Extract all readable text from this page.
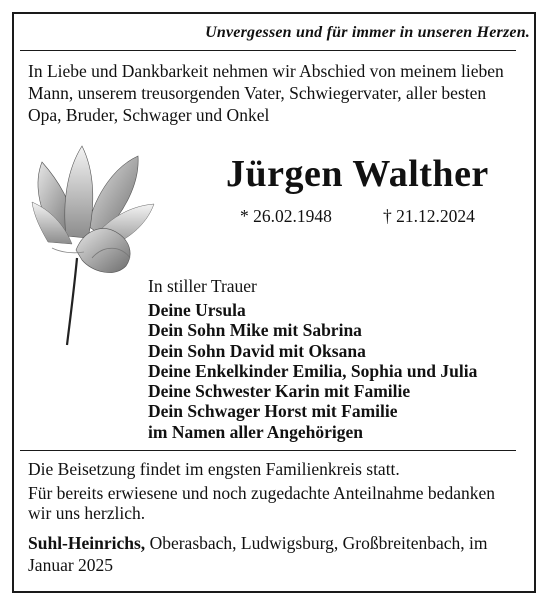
Unvergessen und für immer in unseren Herzen.
In Liebe und Dankbarkeit nehmen wir Abschied von meinem lieben Mann, unserem treusorgenden Vater, Schwiegervater, aller besten Opa, Bruder, Schwager und Onkel
Jürgen Walther
* 26.02.1948	† 21.12.2024
In stiller Trauer
Deine Ursula
Dein Sohn Mike mit Sabrina
Dein Sohn David mit Oksana
Deine Enkelkinder Emilia, Sophia und Julia
Deine Schwester Karin mit Familie
Dein Schwager Horst mit Familie
im Namen aller Angehörigen
Die Beisetzung findet im engsten Familienkreis statt.
Für bereits erwiesene und noch zugedachte Anteilnahme bedanken wir uns herzlich.
Suhl-Heinrichs, Oberasbach, Ludwigsburg, Großbreitenbach, im Januar 2025
